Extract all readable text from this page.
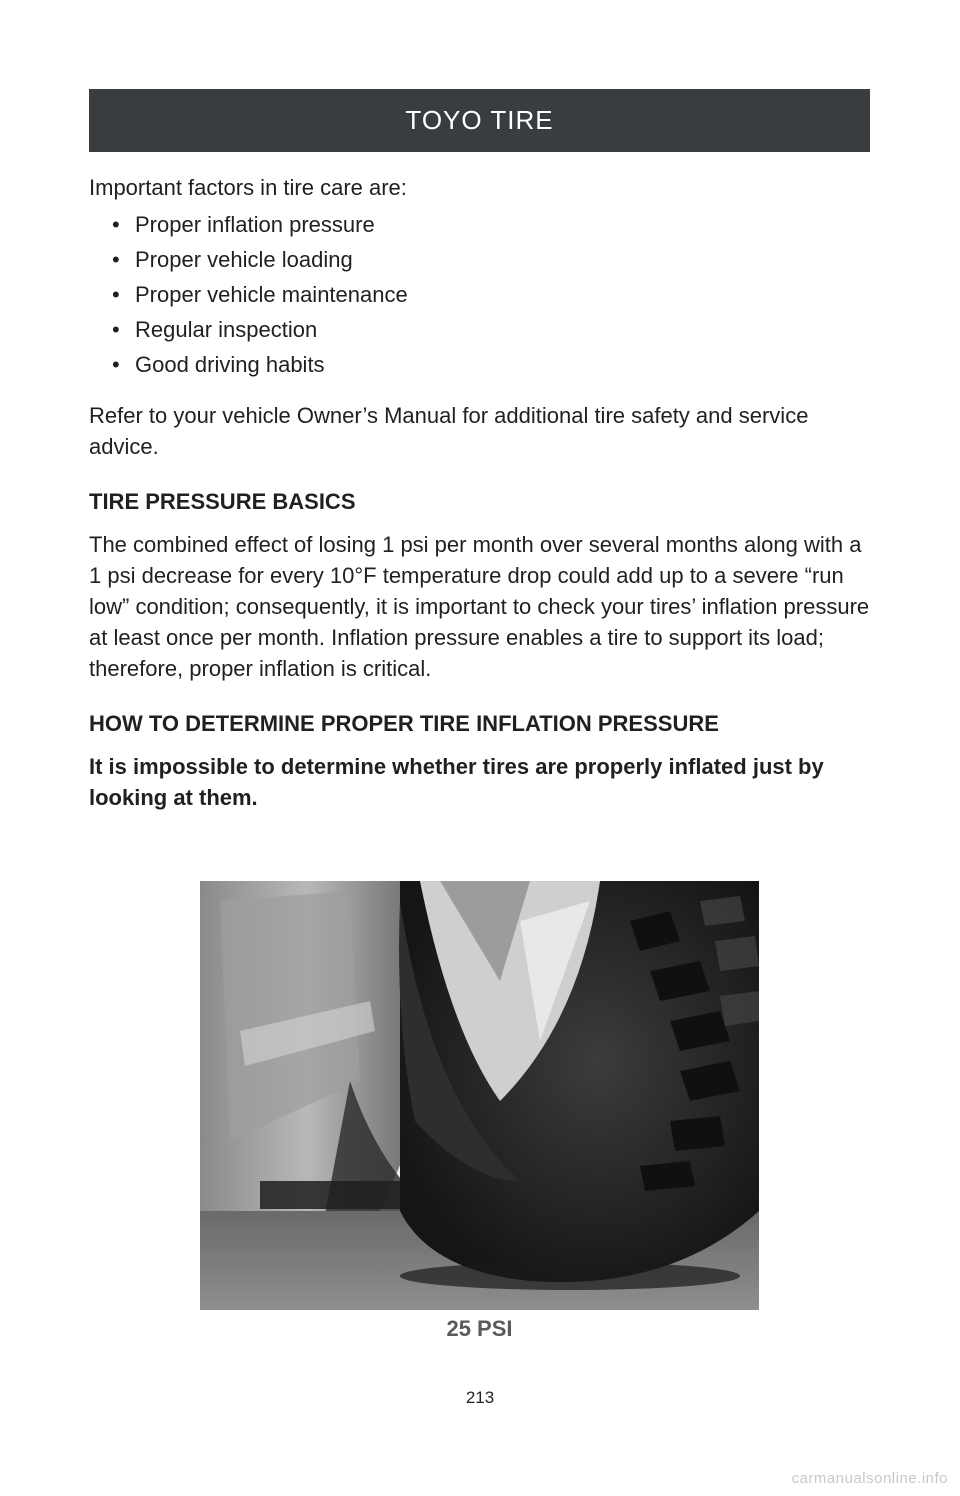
TOYO TIRE

Important factors in tire care are:

• Proper inflation pressure
• Proper vehicle loading
• Proper vehicle maintenance
• Regular inspection
• Good driving habits

Refer to your vehicle Owner’s Manual for additional tire safety and service advice.

TIRE PRESSURE BASICS

The combined effect of losing 1 psi per month over several months along with a 1 psi decrease for every 10°F temperature drop could add up to a severe “run low” condition; consequently, it is important to check your tires’ inflation pressure at least once per month. Inflation pressure enables a tire to support its load; therefore, proper inflation is critical.

HOW TO DETERMINE PROPER TIRE INFLATION PRESSURE

It is impossible to determine whether tires are properly inflated just by looking at them.

25 PSI
213
carmanualsonline.info
